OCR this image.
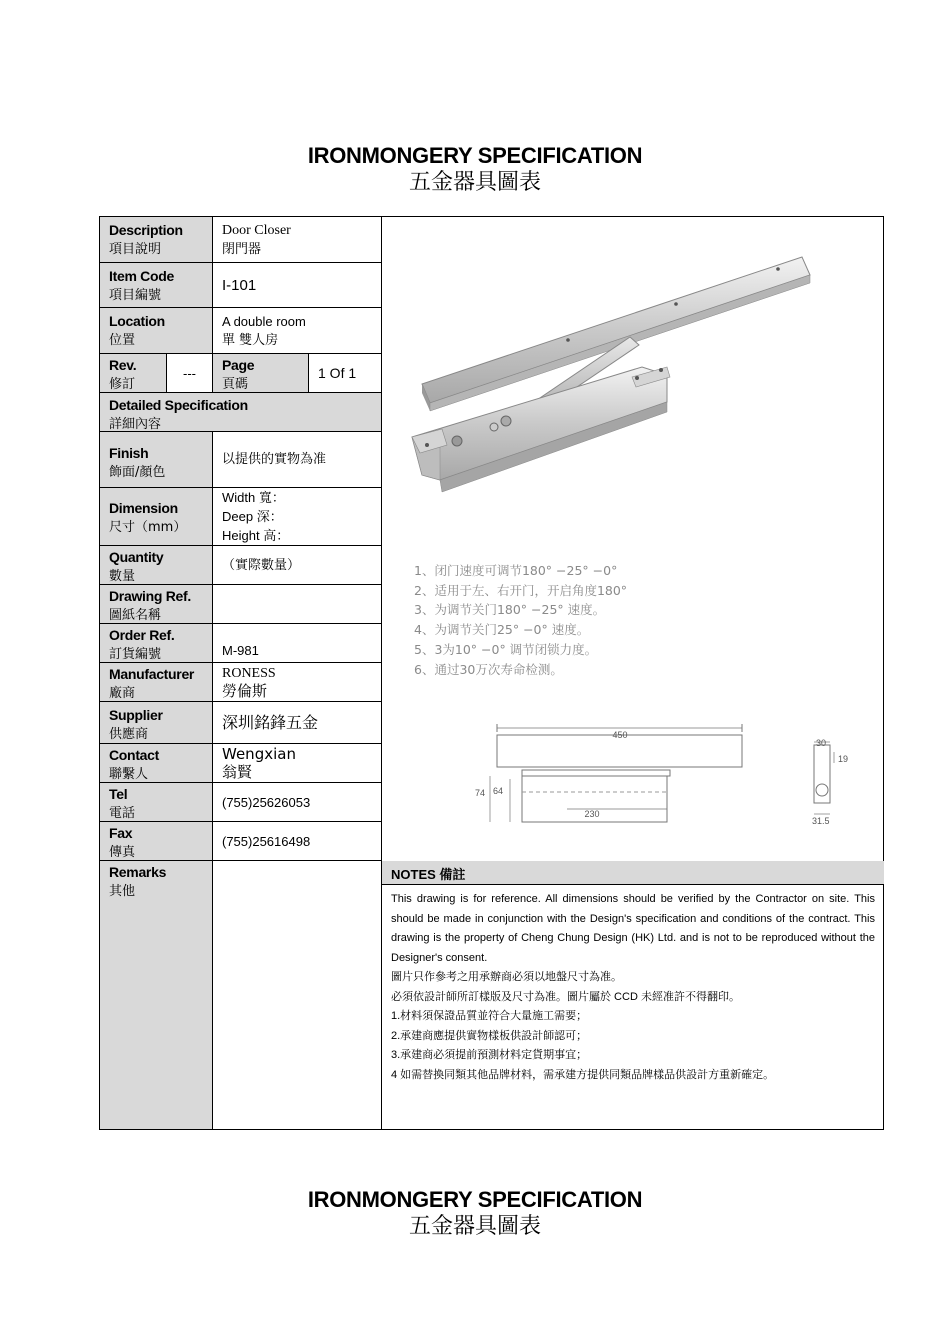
IRONMONGERY SPECIFICATION
五金器具圖表
Description
項目說明
Door Closer
閉門器
Item Code
項目編號
I-101
Location
位置
A double room
單 雙人房
Rev.
修訂
---	Page
頁碼
1 Of 1
Detailed Specification
詳細內容
Finish
飾面/顏色
以提供的實物為准
Dimension
尺寸（mm）
Width 寬：
Deep 深：
Height 高：
Quantity
數量
（實際數量）
Drawing Ref.
圖紙名稱
Order Ref.
訂貨編號	M-981
Manufacturer
廠商
RONESS
勞倫斯
Supplier
供應商
深圳銘鋒五金
Contact
聯繫人
Wengxian
翁賢
Tel
電話
(755)25626053
Fax
傳真
(755)25616498
Remarks
其他
450
230
74 64
30
19
31.5
1、闭门速度可调节180° −25° −0°
2、适用于左、右开门，开启角度180°
3、为调节关门180° −25° 速度。
4、为调节关门25° −0° 速度。
5、3为10° −0° 调节闭锁力度。
6、通过30万次寿命检测。
NOTES 備註
This drawing is for reference. All dimensions should be verified by the Contractor on site. This should be made in conjunction with the Design's specification and conditions of the contract. This drawing is the property of Cheng Chung Design (HK) Ltd. and is not to be reproduced without the Designer's consent.
圖片只作參考之用承辦商必須以地盤尺寸為准。
必須依設計師所訂樣版及尺寸為准。圖片屬於 CCD 未經准許不得翻印。
1.材料須保證品質並符合大量施工需要；
2.承建商應提供實物樣板供設計師認可；
3.承建商必須提前預測材料定貨期事宜；
4 如需替換同類其他品牌材料，需承建方提供同類品牌樣品供設計方重新確定。
IRONMONGERY SPECIFICATION
五金器具圖表
